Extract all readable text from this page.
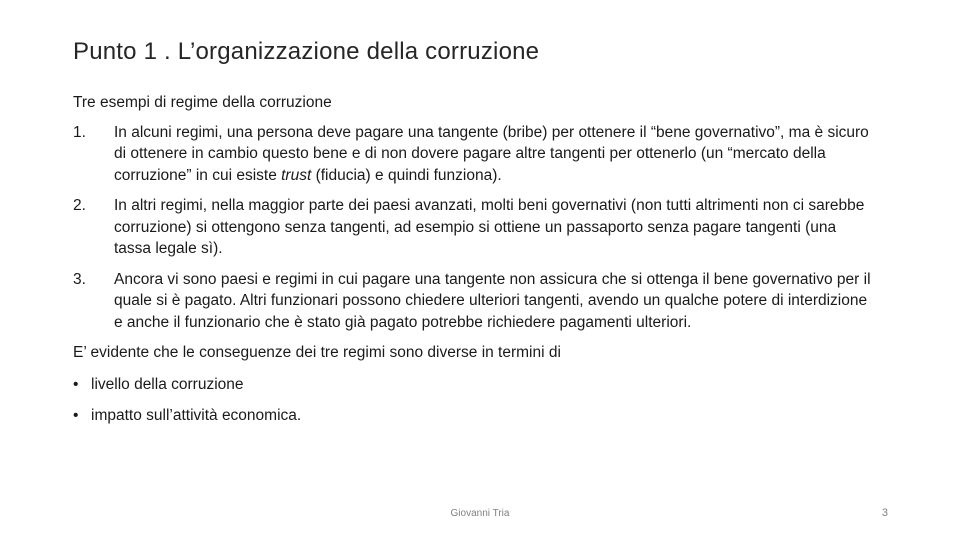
Punto 1 . L’organizzazione della corruzione

Tre esempi di regime della corruzione

1.	In alcuni regimi, una persona deve pagare una tangente (bribe) per ottenere il “bene governativo”, ma è sicuro di ottenere in cambio questo bene e di non dovere pagare altre tangenti per ottenerlo (un “mercato della corruzione” in cui esiste trust (fiducia) e quindi funziona).
2.	In altri regimi, nella maggior parte dei paesi avanzati, molti beni governativi (non tutti altrimenti non ci sarebbe corruzione) si ottengono senza tangenti, ad esempio si ottiene un passaporto senza pagare tangenti (una tassa legale sì).
3.	Ancora vi sono paesi e regimi in cui pagare una tangente non assicura che si ottenga il bene governativo per il quale si è pagato. Altri funzionari possono chiedere ulteriori tangenti, avendo un qualche potere di interdizione e anche il funzionario che è stato già pagato potrebbe richiedere pagamenti ulteriori.

E’ evidente che le conseguenze dei tre regimi sono diverse in termini di

• livello della corruzione
• impatto sull’attività economica.
Giovanni Tria	3
